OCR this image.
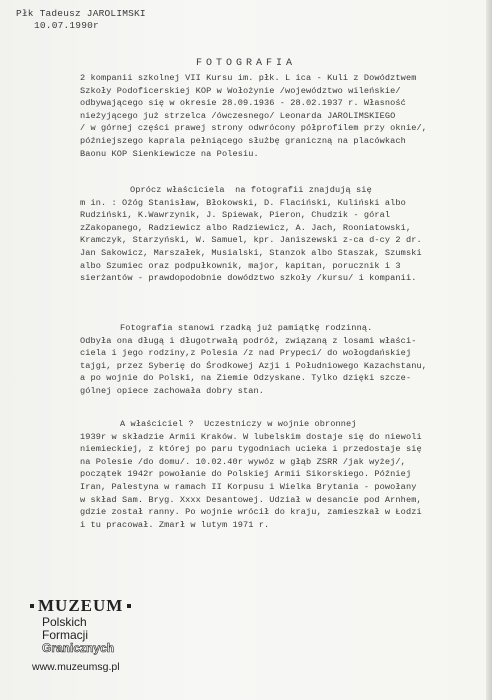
Płk Tadeusz JAROLIMSKI
10.07.1990r
FOTOGRAFIA
2 kompanii szkolnej VII Kursu im. płk. L ica - Kuli z Dowództwem
Szkoły Podoficerskiej KOP w Wołożynie /województwo wileńskie/
odbywającego się w okresie 28.09.1936 - 28.02.1937 r. Własność
nieżyjącego już strzelca /ówczesnego/ Leonarda JAROLIMSKIEGO
/ w górnej części prawej strony odwrócony półprofilem przy oknie/,
późniejszego kaprala pełniącego służbę graniczną na placówkach
Baonu KOP Sienkiewicze na Polesiu.
Oprócz właściciela  na fotografii znajdują się
m in. : Ożóg Stanisław, Błokowski, D. Flaciński, Kuliński albo
Rudziński, K.Wawrzynik, J. Spiewak, Pieron, Chudzik - góral
zZakopanego, Radziewicz albo Radziewicz, A. Jach, Rooniatowski,
Kramczyk, Starzyński, W. Samuel, kpr. Janiszewski z-ca d-cy 2 dr.
Jan Sakowicz, Marszałek, Musialski, Stanzok albo Staszak, Szumski
albo Szumiec oraz podpułkownik, major, kapitan, porucznik i 3
sierżantów - prawdopodobnie dowództwo szkoły /kursu/ i kompanii.
Fotografia stanowi rzadką już pamiątkę rodzinną.
Odbyła ona długą i długotrwałą podróż, związaną z losami właści-
ciela i jego rodziny,z Polesia /z nad Prypeci/ do wołogdańskiej
tajgi, przez Syberię do Środkowej Azji i Południowego Kazachstanu,
a po wojnie do Polski, na Ziemie Odzyskane. Tylko dzięki szcze-
gólnej opiece zachowała dobry stan.
A właściciel ?  Uczestniczy w wojnie obronnej
1939r w składzie Armii Kraków. W lubelskim dostaje się do niewoli
niemieckiej, z której po paru tygodniach ucieka i przedostaje się
na Polesie /do domu/. 10.02.40r wywóz w głąb ZSRR /jak wyżej/,
początek 1942r powołanie do Polskiej Armii Sikorskiego. Później
Iran, Palestyna w ramach II Korpusu i Wielka Brytania - powołany
w skład Sam. Bryg. Xxxx Desantowej. Udział w desancie pod Arnhem,
gdzie został ranny. Po wojnie wrócił do kraju, zamieszkał w Łodzi
i tu pracował. Zmarł w lutym 1971 r.
MUZEUM
Polskich
Formacji
Granicznych
www.muzeumsg.pl
